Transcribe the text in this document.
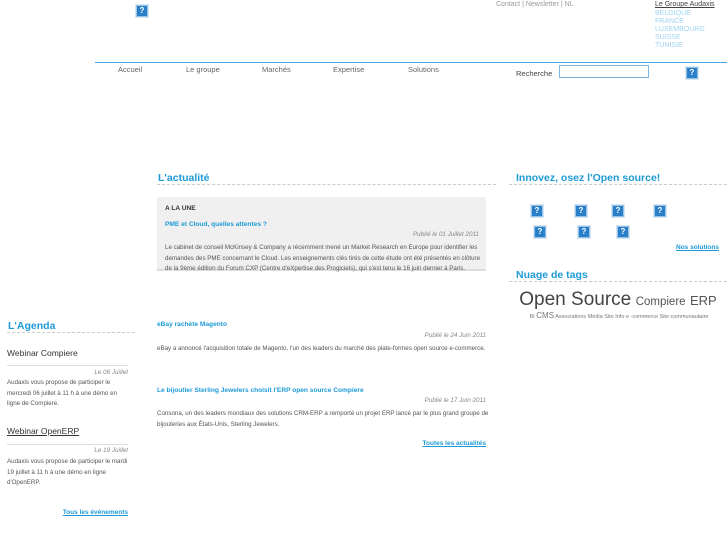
?
Contact | Newsletter | NL	Le Groupe Audaxis
BELGIQUE
FRANCE
LUXEMBOURG
SUISSE
TUNISIE
Accueil	Le groupe	Marchés	Expertise	Solutions	Recherche	?
L'actualité
A LA UNE
PME et Cloud, quelles attentes ?
Publié le 01 Juillet 2011
Le cabinet de conseil McKinsey & Company a récemment mené un Market Research en Europe pour identifier les demandes des PME concernant le Cloud. Les enseignements clés tirés de cette étude ont été présentés en clôture de la 9ème édition du Forum CXP (Centre d'eXpertise des Progiciels), qui s'est tenu le 16 juin dernier à Paris.
eBay rachète Magento
Publié le 24 Juin 2011
eBay a annoncé l'acquisition totale de Magento, l'un des leaders du marché des plate-formes open source e-commerce.
Le bijoutier Sterling Jewelers choisit l'ERP open source Compiere
Publié le 17 Juin 2011
Consona, un des leaders mondiaux des solutions CRM-ERP a remporté un projet ERP lancé par le plus grand groupe de bijouteries aux États-Unis, Sterling Jewelers.
Toutes les actualités
L'Agenda
Webinar Compiere
Le 06 Juillet
Audaxis vous propose de participer le mercredi 06 juillet à 11 h à une démo en ligne de Compiere.
Webinar OpenERP
Le 19 Juillet
Audaxis vous propose de participer le mardi 19 juillet à 11 h à une démo en ligne d'OpenERP.
Tous les événements
Innovez, osez l'Open source!
?	?	?	?
?	?	?
Nos solutions
Nuage de tags
Open Source Compiere ERP
BI CMS Associations Média Site Info e -commerce Site communautaire
